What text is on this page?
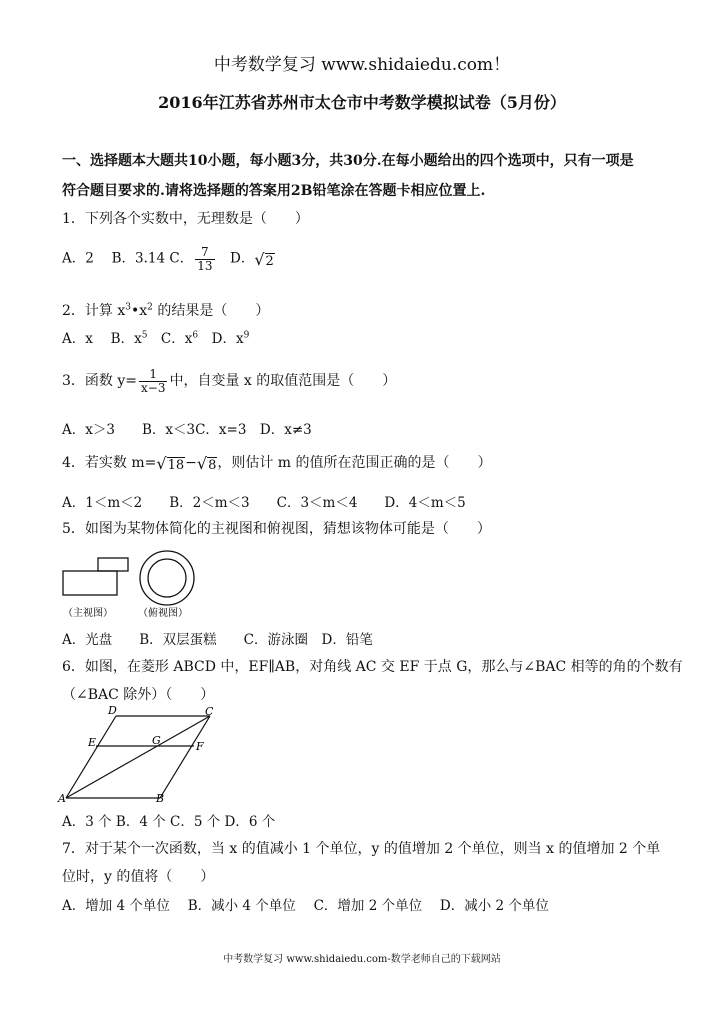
中考数学复习 www.shidaiedu.com！
2016年江苏省苏州市太仓市中考数学模拟试卷（5月份）
一、选择题本大题共10小题，每小题3分，共30分.在每小题给出的四个选项中，只有一项是
符合题目要求的.请将选择题的答案用2B铅笔涂在答题卡相应位置上.
1．下列各个实数中，无理数是（　　）
A．2　 B．3.14 C． $\frac{7}{13}$ 　D．√2
2．计算 $x^3•x^2$ 的结果是（　　）
A．x　 B．$x^5$　C．$x^6$　D．$x^9$
3．函数 $y= \frac{1}{x-3}$ 中，自变量 x 的取值范围是（　　）
A．x＞3　　B．x＜3C．x=3　D．x≠3
4．若实数 m=√18−√8，则估计 m 的值所在范围正确的是（　　）
A．1＜m＜2　　B．2＜m＜3　　C．3＜m＜4　　D．4＜m＜5
5．如图为某物体简化的主视图和俯视图，猜想该物体可能是（　　）
（主视图）	（俯视图）
A．光盘　　B．双层蛋糕　　C．游泳圈　D．铅笔
6．如图，在菱形 ABCD 中，EF∥AB，对角线 AC 交 EF 于点 G，那么与∠BAC 相等的角的个数有
（∠BAC 除外）（　　）
D	C
E	G	F
A	B
A．3 个 B．4 个 C．5 个 D．6 个
7．对于某个一次函数，当 x 的值减小 1 个单位，y 的值增加 2 个单位，则当 x 的值增加 2 个单
位时，y 的值将（　　）
A．增加 4 个单位　 B．减小 4 个单位　 C．增加 2 个单位　 D．减小 2 个单位
中考数学复习 www.shidaiedu.com-数学老师自己的下载网站
